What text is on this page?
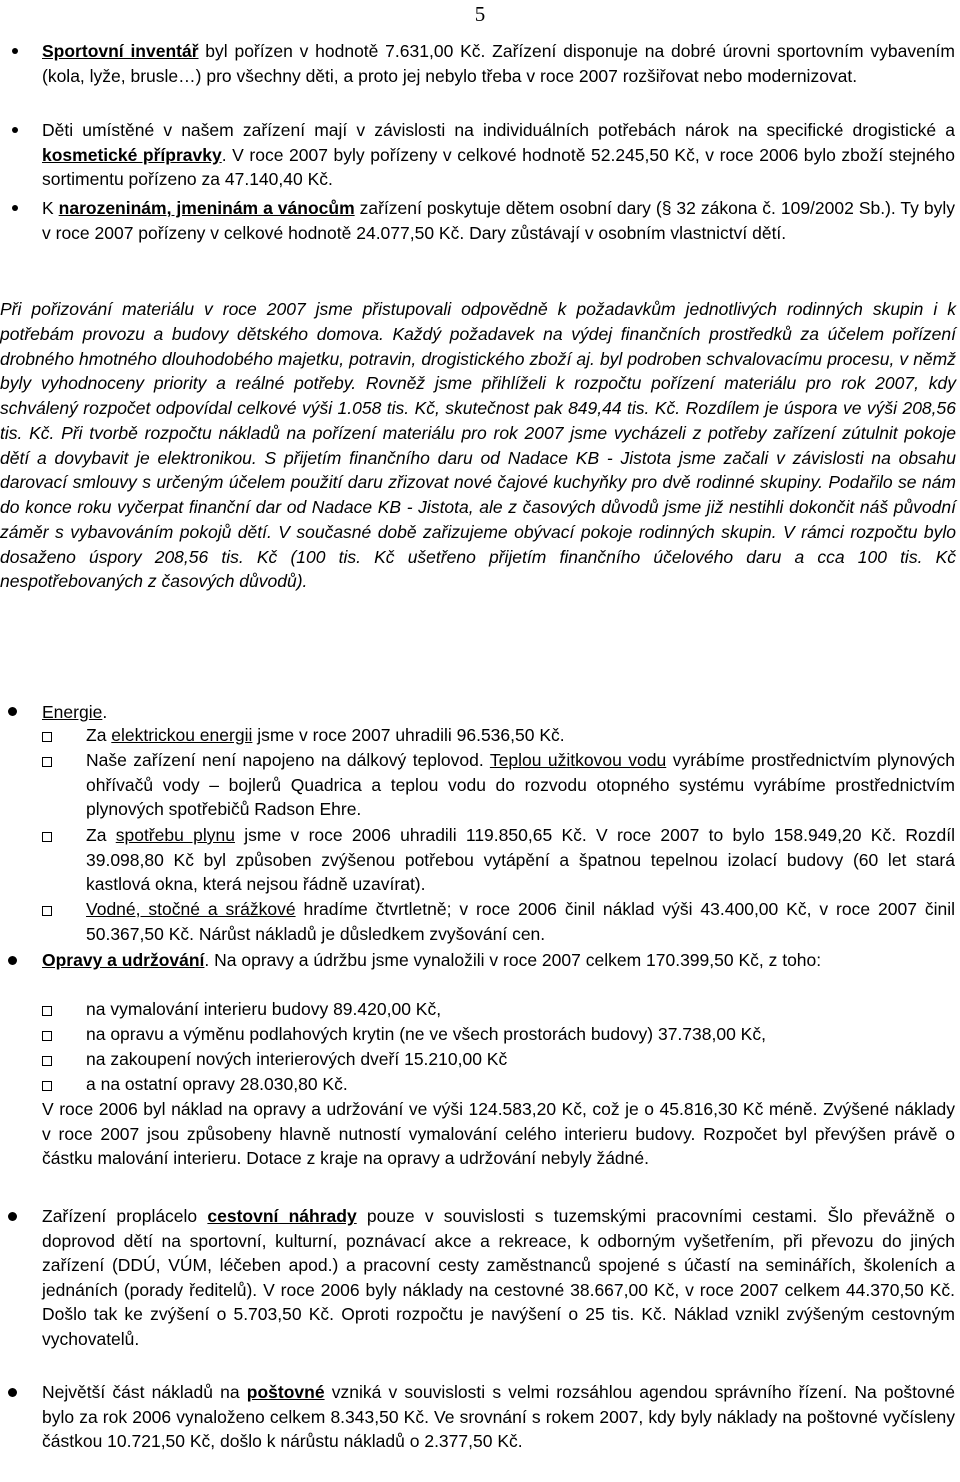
5
Sportovní inventář byl pořízen v hodnotě 7.631,00 Kč. Zařízení disponuje na dobré úrovni sportovním vybavením (kola, lyže, brusle…) pro všechny děti, a proto jej nebylo třeba v roce 2007 rozšiřovat nebo modernizovat.
Děti umístěné v našem zařízení mají v závislosti na individuálních potřebách nárok na specifické drogistické a kosmetické přípravky. V roce 2007 byly pořízeny v celkové hodnotě 52.245,50 Kč, v roce 2006 bylo zboží stejného sortimentu pořízeno za 47.140,40 Kč.
K narozeninám, jmeninám a vánocům zařízení poskytuje dětem osobní dary (§ 32 zákona č. 109/2002 Sb.). Ty byly v roce 2007 pořízeny v celkové hodnotě 24.077,50 Kč. Dary zůstávají v osobním vlastnictví dětí.
Při pořizování materiálu v roce 2007 jsme přistupovali odpovědně k požadavkům jednotlivých rodinných skupin i k potřebám provozu a budovy dětského domova. Každý požadavek na výdej finančních prostředků za účelem pořízení drobného hmotného dlouhodobého majetku, potravin, drogistického zboží aj. byl podroben schvalovacímu procesu, v němž byly vyhodnoceny priority a reálné potřeby. Rovněž jsme přihlíželi k rozpočtu pořízení materiálu pro rok 2007, kdy schválený rozpočet odpovídal celkové výši 1.058 tis. Kč, skutečnost pak 849,44 tis. Kč. Rozdílem je úspora ve výši 208,56 tis. Kč. Při tvorbě rozpočtu nákladů na pořízení materiálu pro rok 2007 jsme vycházeli z potřeby zařízení zútulnit pokoje dětí a dovybavit je elektronikou. S přijetím finančního daru od Nadace KB - Jistota jsme začali v závislosti na obsahu darovací smlouvy s určeným účelem použití daru zřizovat nové čajové kuchyňky pro dvě rodinné skupiny. Podařilo se nám do konce roku vyčerpat finanční dar od Nadace KB - Jistota, ale z časových důvodů jsme již nestihli dokončit náš původní záměr s vybavováním pokojů dětí. V současné době zařizujeme obývací pokoje rodinných skupin. V rámci rozpočtu bylo dosaženo úspory 208,56 tis. Kč (100 tis. Kč ušetřeno přijetím finančního účelového daru a cca 100 tis. Kč nespotřebovaných z časových důvodů).
Energie.
Za elektrickou energii jsme v roce 2007 uhradili 96.536,50 Kč.
Naše zařízení není napojeno na dálkový teplovod. Teplou užitkovou vodu vyrábíme prostřednictvím plynových ohřívačů vody – bojlerů Quadrica a teplou vodu do rozvodu otopného systému vyrábíme prostřednictvím plynových spotřebičů Radson Ehre.
Za spotřebu plynu jsme v roce 2006 uhradili 119.850,65 Kč. V roce 2007 to bylo 158.949,20 Kč. Rozdíl 39.098,80 Kč byl způsoben zvýšenou potřebou vytápění a špatnou tepelnou izolací budovy (60 let stará kastlová okna, která nejsou řádně uzavírat).
Vodné, stočné a srážkové hradíme čtvrtletně; v roce 2006 činil náklad výši 43.400,00 Kč, v roce 2007 činil 50.367,50 Kč. Nárůst nákladů je důsledkem zvyšování cen.
Opravy a udržování. Na opravy a údržbu jsme vynaložili v roce 2007 celkem 170.399,50 Kč, z toho:
na vymalování interieru budovy 89.420,00 Kč,
na opravu a výměnu podlahových krytin (ne ve všech prostorách budovy) 37.738,00 Kč,
na zakoupení nových interierových dveří 15.210,00 Kč
a na ostatní opravy 28.030,80 Kč.
V roce 2006 byl náklad na opravy a udržování ve výši 124.583,20 Kč, což je o 45.816,30 Kč méně. Zvýšené náklady v roce 2007 jsou způsobeny hlavně nutností vymalování celého interieru budovy. Rozpočet byl převýšen právě o částku malování interieru. Dotace z kraje na opravy a udržování nebyly žádné.
Zařízení proplácelo cestovní náhrady pouze v souvislosti s tuzemskými pracovními cestami. Šlo převážně o doprovod dětí na sportovní, kulturní, poznávací akce a rekreace, k odborným vyšetřením, při převozu do jiných zařízení (DDÚ, VÚM, léčeben apod.) a pracovní cesty zaměstnanců spojené s účastí na seminářích, školeních a jednáních (porady ředitelů). V roce 2006 byly náklady na cestovné 38.667,00 Kč, v roce 2007 celkem 44.370,50 Kč. Došlo tak ke zvýšení o 5.703,50 Kč. Oproti rozpočtu je navýšení o 25 tis. Kč. Náklad vznikl zvýšeným cestovným vychovatelů.
Největší část nákladů na poštovné vzniká v souvislosti s velmi rozsáhlou agendou správního řízení. Na poštovné bylo za rok 2006 vynaloženo celkem 8.343,50 Kč. Ve srovnání s rokem 2007, kdy byly náklady na poštovné vyčísleny částkou 10.721,50 Kč, došlo k nárůstu nákladů o 2.377,50 Kč.
